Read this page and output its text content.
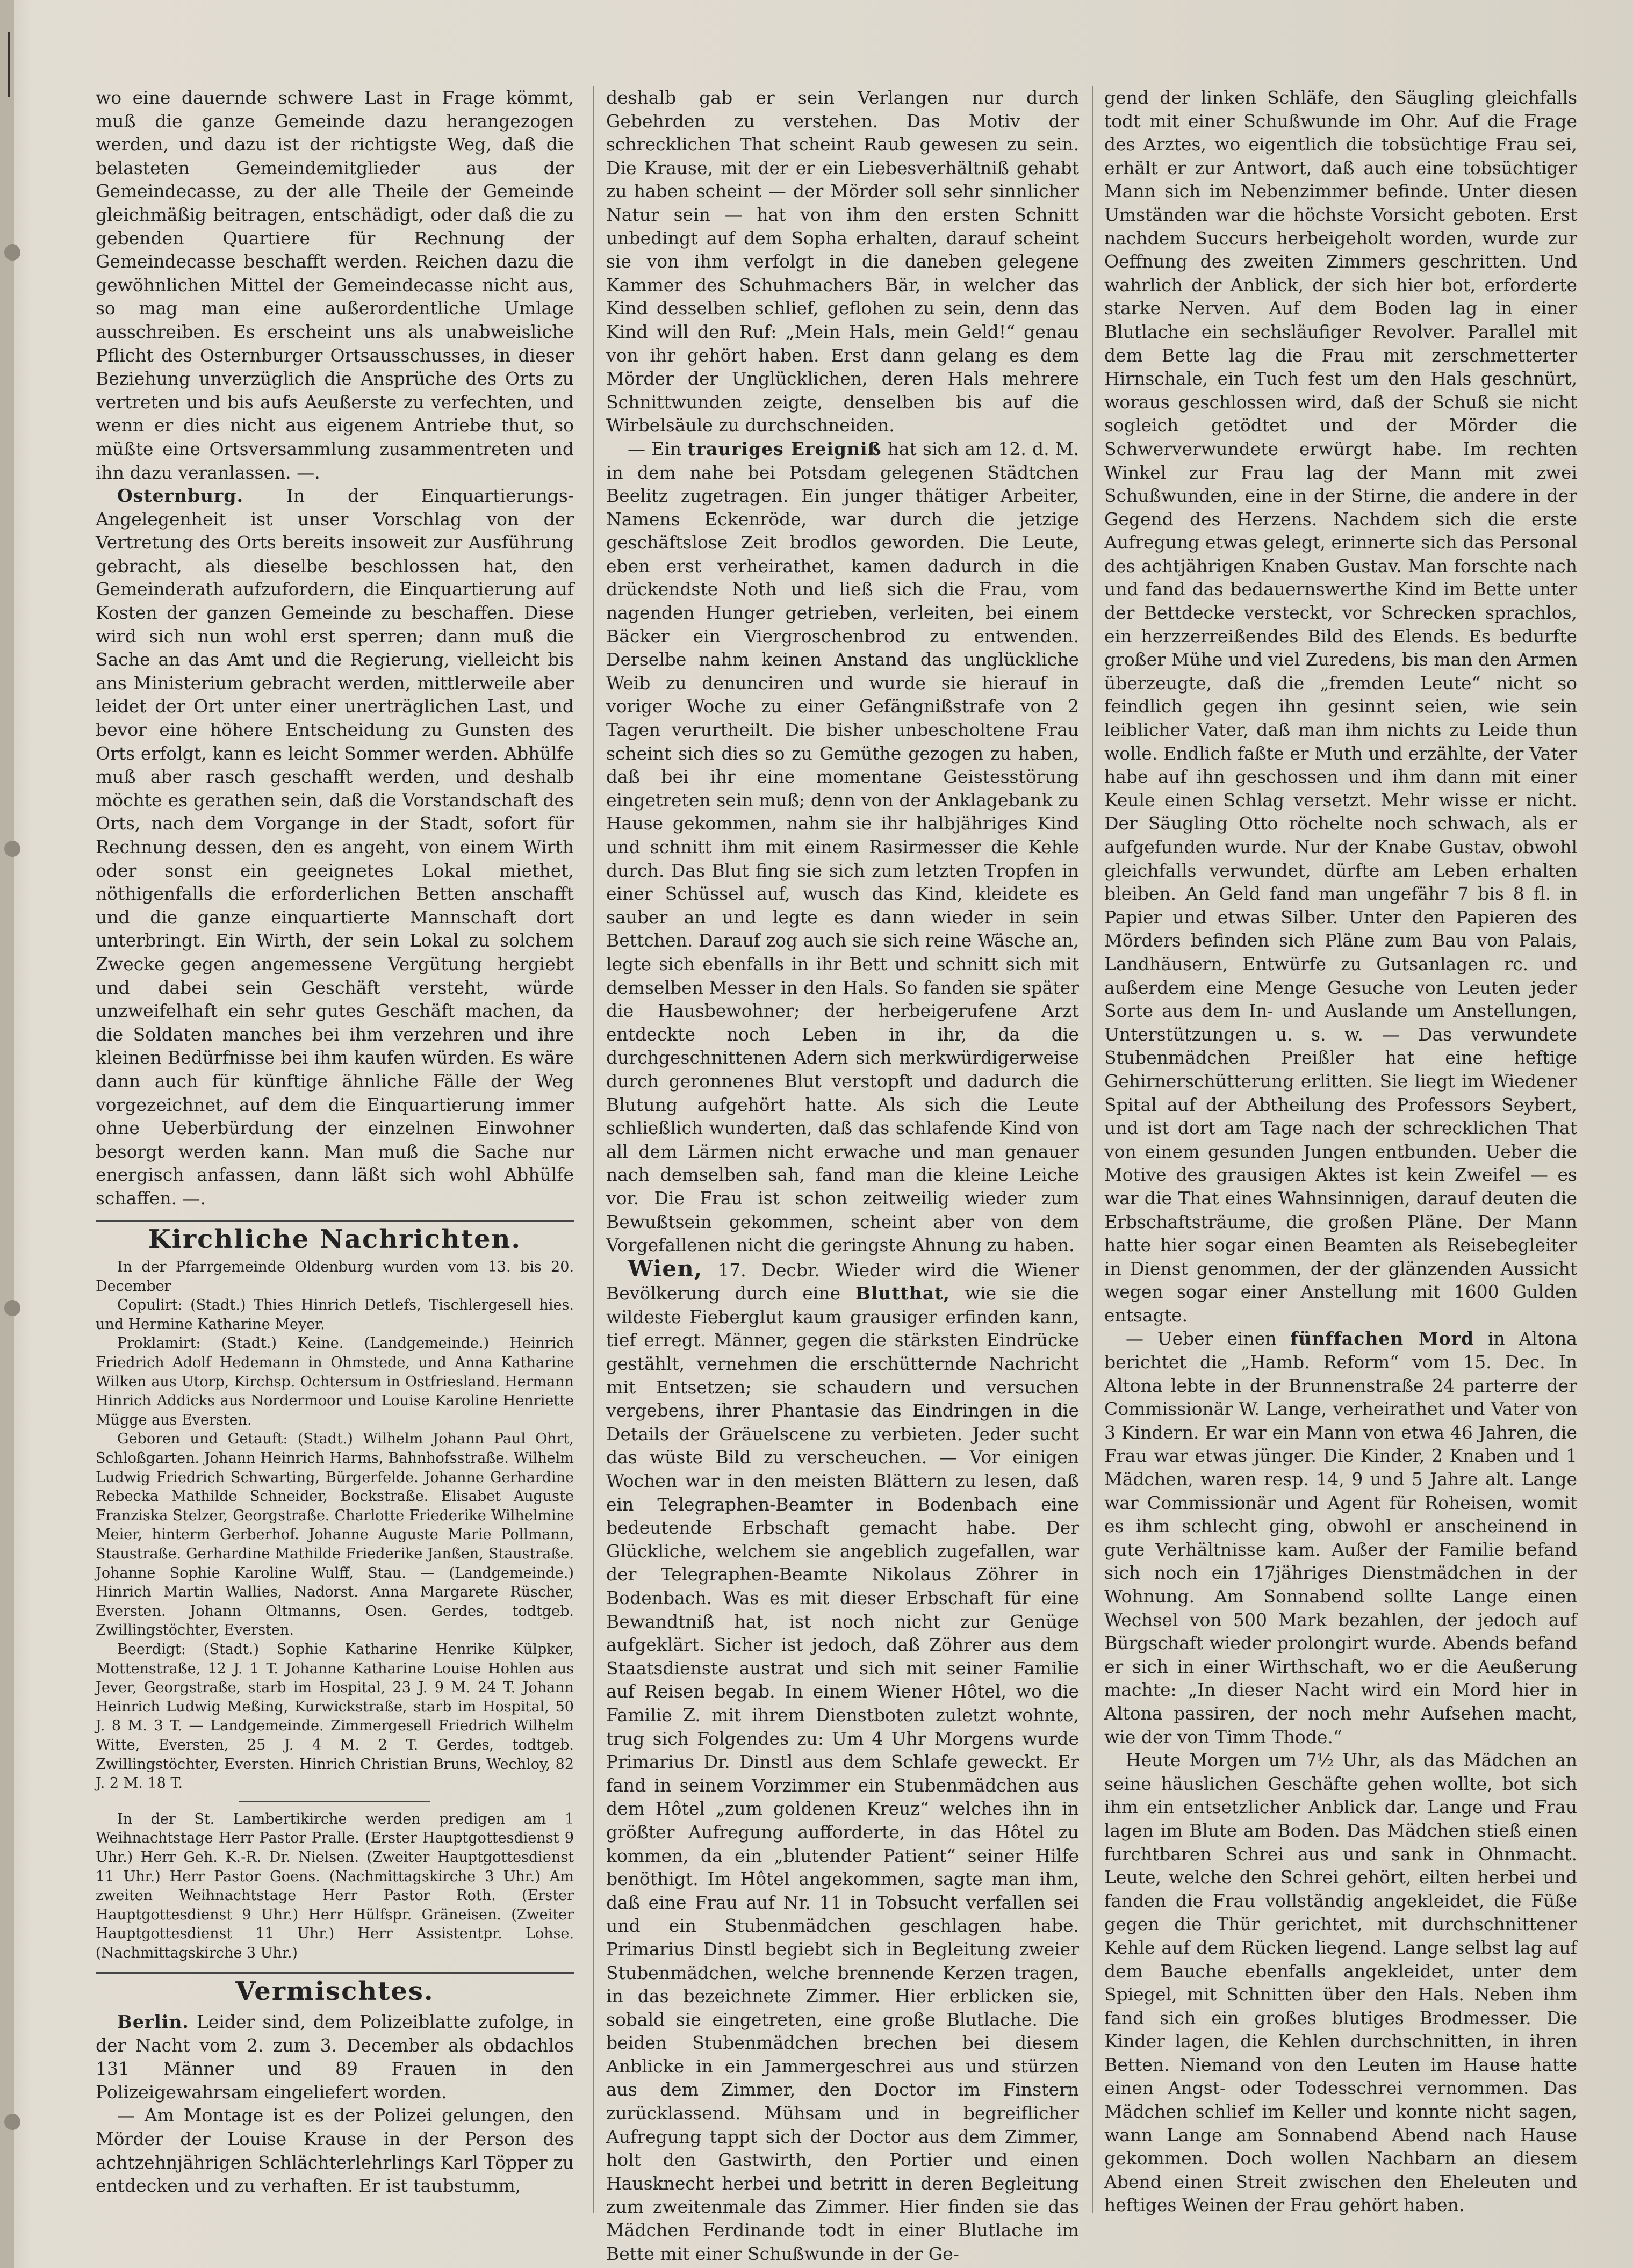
wo eine dauernde schwere Last in Frage kömmt, muß die ganze Gemeinde dazu herangezogen werden, und dazu ist der richtigste Weg, daß die belasteten Gemeindemitglieder aus der Gemeindecasse, zu der alle Theile der Gemeinde gleichmäßig beitragen, entschädigt, oder daß die zu gebenden Quartiere für Rechnung der Gemeindecasse beschafft werden. Reichen dazu die gewöhnlichen Mittel der Gemeindecasse nicht aus, so mag man eine außerordentliche Umlage ausschreiben. Es erscheint uns als unabweisliche Pflicht des Osternburger Ortsausschusses, in dieser Beziehung unverzüglich die Ansprüche des Orts zu vertreten und bis aufs Aeußerste zu verfechten, und wenn er dies nicht aus eigenem Antriebe thut, so müßte eine Ortsversammlung zusammentreten und ihn dazu veranlassen. —.

Osternburg. In der Einquartierungs-Angelegenheit ist unser Vorschlag von der Vertretung des Orts bereits insoweit zur Ausführung gebracht, als dieselbe beschlossen hat, den Gemeinderath aufzufordern, die Einquartierung auf Kosten der ganzen Gemeinde zu beschaffen. Diese wird sich nun wohl erst sperren; dann muß die Sache an das Amt und die Regierung, vielleicht bis ans Ministerium gebracht werden, mittlerweile aber leidet der Ort unter einer unerträglichen Last, und bevor eine höhere Entscheidung zu Gunsten des Orts erfolgt, kann es leicht Sommer werden. Abhülfe muß aber rasch geschafft werden, und deshalb möchte es gerathen sein, daß die Vorstandschaft des Orts, nach dem Vorgange in der Stadt, sofort für Rechnung dessen, den es angeht, von einem Wirth oder sonst ein geeignetes Lokal miethet, nöthigenfalls die erforderlichen Betten anschafft und die ganze einquartierte Mannschaft dort unterbringt. Ein Wirth, der sein Lokal zu solchem Zwecke gegen angemessene Vergütung hergiebt und dabei sein Geschäft versteht, würde unzweifelhaft ein sehr gutes Geschäft machen, da die Soldaten manches bei ihm verzehren und ihre kleinen Bedürfnisse bei ihm kaufen würden. Es wäre dann auch für künftige ähnliche Fälle der Weg vorgezeichnet, auf dem die Einquartierung immer ohne Ueberbürdung der einzelnen Einwohner besorgt werden kann. Man muß die Sache nur energisch anfassen, dann läßt sich wohl Abhülfe schaffen. —.

Kirchliche Nachrichten.

In der Pfarrgemeinde Oldenburg wurden vom 13. bis 20. December

Copulirt: (Stadt.) Thies Hinrich Detlefs, Tischlergesell hies. und Hermine Katharine Meyer.

Proklamirt: (Stadt.) Keine. (Landgemeinde.) Heinrich Friedrich Adolf Hedemann in Ohmstede, und Anna Katharine Wilken aus Utorp, Kirchsp. Ochtersum in Ostfriesland. Hermann Hinrich Addicks aus Nordermoor und Louise Karoline Henriette Mügge aus Eversten.

Geboren und Getauft: (Stadt.) Wilhelm Johann Paul Ohrt, Schloßgarten. Johann Heinrich Harms, Bahnhofsstraße. Wilhelm Ludwig Friedrich Schwarting, Bürgerfelde. Johanne Gerhardine Rebecka Mathilde Schneider, Bockstraße. Elisabet Auguste Franziska Stelzer, Georgstraße. Charlotte Friederike Wilhelmine Meier, hinterm Gerberhof. Johanne Auguste Marie Pollmann, Staustraße. Gerhardine Mathilde Friederike Janßen, Staustraße. Johanne Sophie Karoline Wulff, Stau. — (Landgemeinde.) Hinrich Martin Wallies, Nadorst. Anna Margarete Rüscher, Eversten. Johann Oltmanns, Osen. Gerdes, todtgeb. Zwillingstöchter, Eversten.

Beerdigt: (Stadt.) Sophie Katharine Henrike Külpker, Mottenstraße, 12 J. 1 T. Johanne Katharine Louise Hohlen aus Jever, Georgstraße, starb im Hospital, 23 J. 9 M. 24 T. Johann Heinrich Ludwig Meßing, Kurwickstraße, starb im Hospital, 50 J. 8 M. 3 T. — Landgemeinde. Zimmergesell Friedrich Wilhelm Witte, Eversten, 25 J. 4 M. 2 T. Gerdes, todtgeb. Zwillingstöchter, Eversten. Hinrich Christian Bruns, Wechloy, 82 J. 2 M. 18 T.

In der St. Lambertikirche werden predigen am 1 Weihnachtstage Herr Pastor Pralle. (Erster Hauptgottesdienst 9 Uhr.) Herr Geh. K.-R. Dr. Nielsen. (Zweiter Hauptgottesdienst 11 Uhr.) Herr Pastor Goens. (Nachmittagskirche 3 Uhr.) Am zweiten Weihnachtstage Herr Pastor Roth. (Erster Hauptgottesdienst 9 Uhr.) Herr Hülfspr. Gräneisen. (Zweiter Hauptgottesdienst 11 Uhr.) Herr Assistentpr. Lohse. (Nachmittagskirche 3 Uhr.)

Vermischtes.

Berlin. Leider sind, dem Polizeiblatte zufolge, in der Nacht vom 2. zum 3. December als obdachlos 131 Männer und 89 Frauen in den Polizeigewahrsam eingeliefert worden.

— Am Montage ist es der Polizei gelungen, den Mörder der Louise Krause in der Person des achtzehnjährigen Schlächterlehrlings Karl Töpper zu entdecken und zu verhaften. Er ist taubstumm,

deshalb gab er sein Verlangen nur durch Gebehrden zu verstehen. Das Motiv der schrecklichen That scheint Raub gewesen zu sein. Die Krause, mit der er ein Liebesverhältniß gehabt zu haben scheint — der Mörder soll sehr sinnlicher Natur sein — hat von ihm den ersten Schnitt unbedingt auf dem Sopha erhalten, darauf scheint sie von ihm verfolgt in die daneben gelegene Kammer des Schuhmachers Bär, in welcher das Kind desselben schlief, geflohen zu sein, denn das Kind will den Ruf: „Mein Hals, mein Geld!“ genau von ihr gehört haben. Erst dann gelang es dem Mörder der Unglücklichen, deren Hals mehrere Schnittwunden zeigte, denselben bis auf die Wirbelsäule zu durchschneiden.

— Ein trauriges Ereigniß hat sich am 12. d. M. in dem nahe bei Potsdam gelegenen Städtchen Beelitz zugetragen. Ein junger thätiger Arbeiter, Namens Eckenröde, war durch die jetzige geschäftslose Zeit brodlos geworden. Die Leute, eben erst verheirathet, kamen dadurch in die drückendste Noth und ließ sich die Frau, vom nagenden Hunger getrieben, verleiten, bei einem Bäcker ein Viergroschenbrod zu entwenden. Derselbe nahm keinen Anstand das unglückliche Weib zu denunciren und wurde sie hierauf in voriger Woche zu einer Gefängnißstrafe von 2 Tagen verurtheilt. Die bisher unbescholtene Frau scheint sich dies so zu Gemüthe gezogen zu haben, daß bei ihr eine momentane Geistesstörung eingetreten sein muß; denn von der Anklagebank zu Hause gekommen, nahm sie ihr halbjähriges Kind und schnitt ihm mit einem Rasirmesser die Kehle durch. Das Blut fing sie sich zum letzten Tropfen in einer Schüssel auf, wusch das Kind, kleidete es sauber an und legte es dann wieder in sein Bettchen. Darauf zog auch sie sich reine Wäsche an, legte sich ebenfalls in ihr Bett und schnitt sich mit demselben Messer in den Hals. So fanden sie später die Hausbewohner; der herbeigerufene Arzt entdeckte noch Leben in ihr, da die durchgeschnittenen Adern sich merkwürdigerweise durch geronnenes Blut verstopft und dadurch die Blutung aufgehört hatte. Als sich die Leute schließlich wunderten, daß das schlafende Kind von all dem Lärmen nicht erwache und man genauer nach demselben sah, fand man die kleine Leiche vor. Die Frau ist schon zeitweilig wieder zum Bewußtsein gekommen, scheint aber von dem Vorgefallenen nicht die geringste Ahnung zu haben.

Wien, 17. Decbr. Wieder wird die Wiener Bevölkerung durch eine Blutthat, wie sie die wildeste Fieberglut kaum grausiger erfinden kann, tief erregt. Männer, gegen die stärksten Eindrücke gestählt, vernehmen die erschütternde Nachricht mit Entsetzen; sie schaudern und versuchen vergebens, ihrer Phantasie das Eindringen in die Details der Gräuelscene zu verbieten. Jeder sucht das wüste Bild zu verscheuchen. — Vor einigen Wochen war in den meisten Blättern zu lesen, daß ein Telegraphen-Beamter in Bodenbach eine bedeutende Erbschaft gemacht habe. Der Glückliche, welchem sie angeblich zugefallen, war der Telegraphen-Beamte Nikolaus Zöhrer in Bodenbach. Was es mit dieser Erbschaft für eine Bewandtniß hat, ist noch nicht zur Genüge aufgeklärt. Sicher ist jedoch, daß Zöhrer aus dem Staatsdienste austrat und sich mit seiner Familie auf Reisen begab. In einem Wiener Hôtel, wo die Familie Z. mit ihrem Dienstboten zuletzt wohnte, trug sich Folgendes zu: Um 4 Uhr Morgens wurde Primarius Dr. Dinstl aus dem Schlafe geweckt. Er fand in seinem Vorzimmer ein Stubenmädchen aus dem Hôtel „zum goldenen Kreuz“ welches ihn in größter Aufregung aufforderte, in das Hôtel zu kommen, da ein „blutender Patient“ seiner Hilfe benöthigt. Im Hôtel angekommen, sagte man ihm, daß eine Frau auf Nr. 11 in Tobsucht verfallen sei und ein Stubenmädchen geschlagen habe. Primarius Dinstl begiebt sich in Begleitung zweier Stubenmädchen, welche brennende Kerzen tragen, in das bezeichnete Zimmer. Hier erblicken sie, sobald sie eingetreten, eine große Blutlache. Die beiden Stubenmädchen brechen bei diesem Anblicke in ein Jammergeschrei aus und stürzen aus dem Zimmer, den Doctor im Finstern zurücklassend. Mühsam und in begreiflicher Aufregung tappt sich der Doctor aus dem Zimmer, holt den Gastwirth, den Portier und einen Hausknecht herbei und betritt in deren Begleitung zum zweitenmale das Zimmer. Hier finden sie das Mädchen Ferdinande todt in einer Blutlache im Bette mit einer Schußwunde in der Ge-

gend der linken Schläfe, den Säugling gleichfalls todt mit einer Schußwunde im Ohr. Auf die Frage des Arztes, wo eigentlich die tobsüchtige Frau sei, erhält er zur Antwort, daß auch eine tobsüchtiger Mann sich im Nebenzimmer befinde. Unter diesen Umständen war die höchste Vorsicht geboten. Erst nachdem Succurs herbeigeholt worden, wurde zur Oeffnung des zweiten Zimmers geschritten. Und wahrlich der Anblick, der sich hier bot, erforderte starke Nerven. Auf dem Boden lag in einer Blutlache ein sechsläufiger Revolver. Parallel mit dem Bette lag die Frau mit zerschmetterter Hirnschale, ein Tuch fest um den Hals geschnürt, woraus geschlossen wird, daß der Schuß sie nicht sogleich getödtet und der Mörder die Schwerverwundete erwürgt habe. Im rechten Winkel zur Frau lag der Mann mit zwei Schußwunden, eine in der Stirne, die andere in der Gegend des Herzens. Nachdem sich die erste Aufregung etwas gelegt, erinnerte sich das Personal des achtjährigen Knaben Gustav. Man forschte nach und fand das bedauernswerthe Kind im Bette unter der Bettdecke versteckt, vor Schrecken sprachlos, ein herzzerreißendes Bild des Elends. Es bedurfte großer Mühe und viel Zuredens, bis man den Armen überzeugte, daß die „fremden Leute“ nicht so feindlich gegen ihn gesinnt seien, wie sein leiblicher Vater, daß man ihm nichts zu Leide thun wolle. Endlich faßte er Muth und erzählte, der Vater habe auf ihn geschossen und ihm dann mit einer Keule einen Schlag versetzt. Mehr wisse er nicht. Der Säugling Otto röchelte noch schwach, als er aufgefunden wurde. Nur der Knabe Gustav, obwohl gleichfalls verwundet, dürfte am Leben erhalten bleiben. An Geld fand man ungefähr 7 bis 8 fl. in Papier und etwas Silber. Unter den Papieren des Mörders befinden sich Pläne zum Bau von Palais, Landhäusern, Entwürfe zu Gutsanlagen rc. und außerdem eine Menge Gesuche von Leuten jeder Sorte aus dem In- und Auslande um Anstellungen, Unterstützungen u. s. w. — Das verwundete Stubenmädchen Preißler hat eine heftige Gehirnerschütterung erlitten. Sie liegt im Wiedener Spital auf der Abtheilung des Professors Seybert, und ist dort am Tage nach der schrecklichen That von einem gesunden Jungen entbunden. Ueber die Motive des grausigen Aktes ist kein Zweifel — es war die That eines Wahnsinnigen, darauf deuten die Erbschaftsträume, die großen Pläne. Der Mann hatte hier sogar einen Beamten als Reisebegleiter in Dienst genommen, der der glänzenden Aussicht wegen sogar einer Anstellung mit 1600 Gulden entsagte.

— Ueber einen fünffachen Mord in Altona berichtet die „Hamb. Reform“ vom 15. Dec. In Altona lebte in der Brunnenstraße 24 parterre der Commissionär W. Lange, verheirathet und Vater von 3 Kindern. Er war ein Mann von etwa 46 Jahren, die Frau war etwas jünger. Die Kinder, 2 Knaben und 1 Mädchen, waren resp. 14, 9 und 5 Jahre alt. Lange war Commissionär und Agent für Roheisen, womit es ihm schlecht ging, obwohl er anscheinend in gute Verhältnisse kam. Außer der Familie befand sich noch ein 17jähriges Dienstmädchen in der Wohnung. Am Sonnabend sollte Lange einen Wechsel von 500 Mark bezahlen, der jedoch auf Bürgschaft wieder prolongirt wurde. Abends befand er sich in einer Wirthschaft, wo er die Aeußerung machte: „In dieser Nacht wird ein Mord hier in Altona passiren, der noch mehr Aufsehen macht, wie der von Timm Thode.“

Heute Morgen um 7½ Uhr, als das Mädchen an seine häuslichen Geschäfte gehen wollte, bot sich ihm ein entsetzlicher Anblick dar. Lange und Frau lagen im Blute am Boden. Das Mädchen stieß einen furchtbaren Schrei aus und sank in Ohnmacht. Leute, welche den Schrei gehört, eilten herbei und fanden die Frau vollständig angekleidet, die Füße gegen die Thür gerichtet, mit durchschnittener Kehle auf dem Rücken liegend. Lange selbst lag auf dem Bauche ebenfalls angekleidet, unter dem Spiegel, mit Schnitten über den Hals. Neben ihm fand sich ein großes blutiges Brodmesser. Die Kinder lagen, die Kehlen durchschnitten, in ihren Betten. Niemand von den Leuten im Hause hatte einen Angst- oder Todesschrei vernommen. Das Mädchen schlief im Keller und konnte nicht sagen, wann Lange am Sonnabend Abend nach Hause gekommen. Doch wollen Nachbarn an diesem Abend einen Streit zwischen den Eheleuten und heftiges Weinen der Frau gehört haben.
